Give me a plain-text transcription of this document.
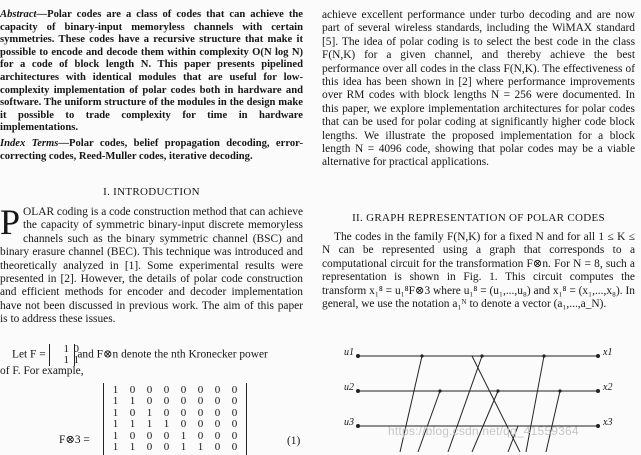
Abstract—Polar codes are a class of codes that can achieve the capacity of binary-input memoryless channels with certain symmetries. These codes have a recursive structure that make it possible to encode and decode them within complexity O(N log N) for a code of block length N. This paper presents pipelined architectures with identical modules that are useful for low-complexity implementation of polar codes both in hardware and software. The uniform structure of the modules in the design make it possible to trade complexity for time in hardware implementations.

Index Terms—Polar codes, belief propagation decoding, error-correcting codes, Reed-Muller codes, iterative decoding.

I. INTRODUCTION
POLAR coding is a code construction method that can achieve the capacity of symmetric binary-input discrete memoryless channels such as the binary symmetric channel (BSC) and binary erasure channel (BEC). This technique was introduced and theoretically analyzed in [1]. Some experimental results were presented in [2]. However, the details of polar code construction and efficient methods for encoder and decoder implementation have not been discussed in previous work. The aim of this paper is to address these issues.
Let F =	1 0
1 1
and F⊗n denote the nth Kronecker power
of F. For example,
F⊗3 =
1	0	0	0	0	0	0	0
1	1	0	0	0	0	0	0
1	0	1	0	0	0	0	0
1	1	1	1	0	0	0	0
1	0	0	0	1	0	0	0
1	1	0	0	1	1	0	0
(1)
achieve excellent performance under turbo decoding and are now part of several wireless standards, including the WiMAX standard [5]. The idea of polar coding is to select the best code in the class F(N,K) for a given channel, and thereby achieve the best performance over all codes in the class F(N,K). The effectiveness of this idea has been shown in [2] where performance improvements over RM codes with block lengths N = 256 were documented. In this paper, we explore implementation architectures for polar codes that can be used for polar coding at significantly higher code block lengths. We illustrate the proposed implementation for a block length N = 4096 code, showing that polar codes may be a viable alternative for practical applications.
II. GRAPH REPRESENTATION OF POLAR CODES
The codes in the family F(N,K) for a fixed N and for all 1 ≤ K ≤ N can be represented using a graph that corresponds to a computational circuit for the transformation F⊗n. For N = 8, such a representation is shown in Fig. 1. This circuit computes the transform x₁⁸ = u₁⁸F⊗3 where u₁⁸ = (u₁,...,u₈) and x₁⁸ = (x₁,...,x₈). In general, we use the notation a₁ᴺ to denote a vector (a₁,...,a_N).
u1
u2
u3
x1
x2
x3
https://blog.csdn.net/qq_41559364
